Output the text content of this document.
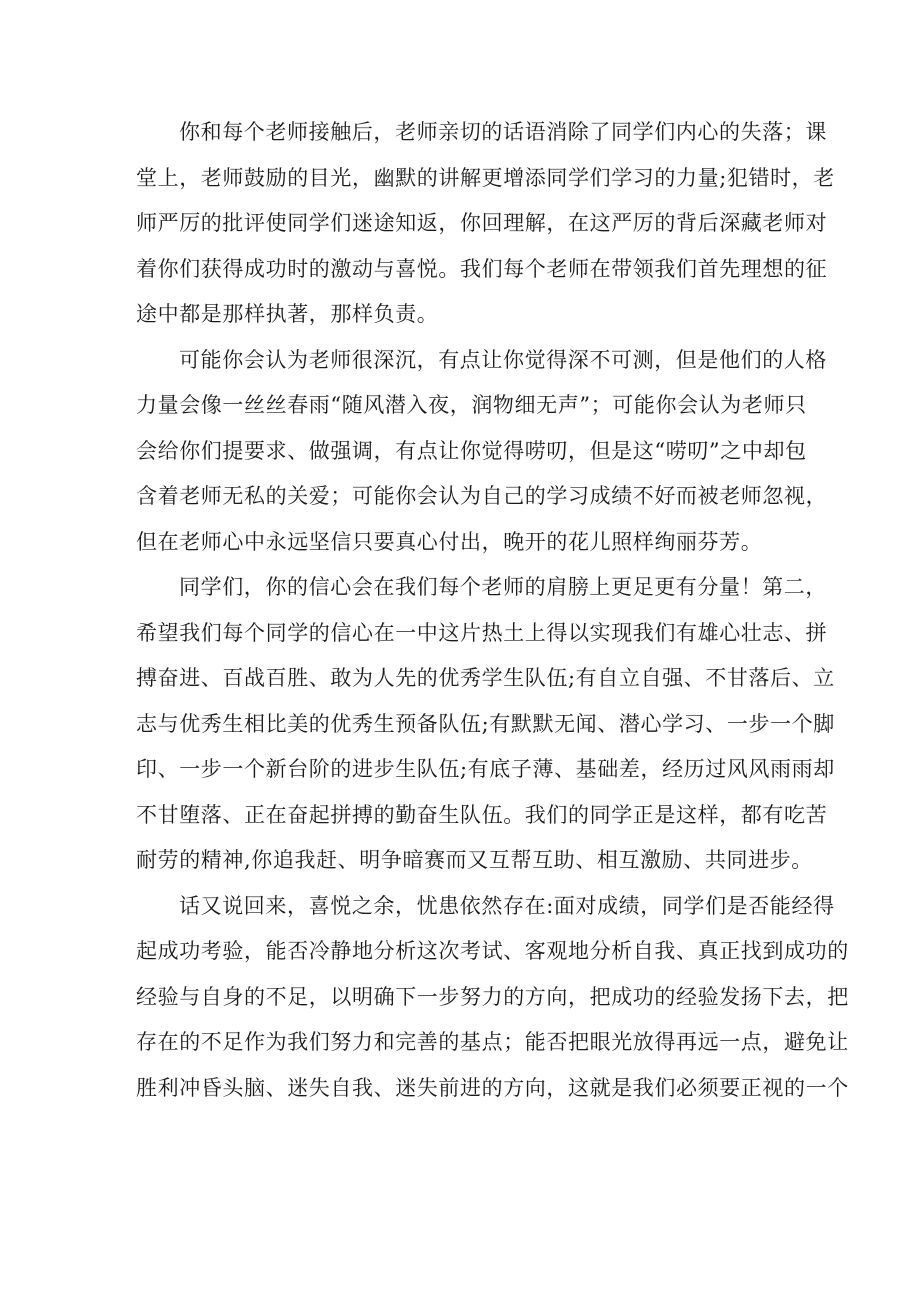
你和每个老师接触后，老师亲切的话语消除了同学们内心的失落；课
堂上，老师鼓励的目光，幽默的讲解更增添同学们学习的力量;犯错时，老
师严厉的批评使同学们迷途知返，你回理解，在这严厉的背后深藏老师对
着你们获得成功时的激动与喜悦。我们每个老师在带领我们首先理想的征
途中都是那样执著，那样负责。

可能你会认为老师很深沉，有点让你觉得深不可测，但是他们的人格
力量会像一丝丝春雨“随风潜入夜，润物细无声”；可能你会认为老师只
会给你们提要求、做强调，有点让你觉得唠叨，但是这“唠叨”之中却包
含着老师无私的关爱；可能你会认为自己的学习成绩不好而被老师忽视，
但在老师心中永远坚信只要真心付出，晚开的花儿照样绚丽芬芳。

同学们，你的信心会在我们每个老师的肩膀上更足更有分量！第二，
希望我们每个同学的信心在一中这片热土上得以实现我们有雄心壮志、拼
搏奋进、百战百胜、敢为人先的优秀学生队伍;有自立自强、不甘落后、立
志与优秀生相比美的优秀生预备队伍;有默默无闻、潜心学习、一步一个脚
印、一步一个新台阶的进步生队伍;有底子薄、基础差，经历过风风雨雨却
不甘堕落、正在奋起拼搏的勤奋生队伍。我们的同学正是这样，都有吃苦
耐劳的精神,你追我赶、明争暗赛而又互帮互助、相互激励、共同进步。

话又说回来，喜悦之余，忧患依然存在:面对成绩，同学们是否能经得
起成功考验，能否冷静地分析这次考试、客观地分析自我、真正找到成功的
经验与自身的不足，以明确下一步努力的方向，把成功的经验发扬下去，把
存在的不足作为我们努力和完善的基点；能否把眼光放得再远一点，避免让
胜利冲昏头脑、迷失自我、迷失前进的方向，这就是我们必须要正视的一个
